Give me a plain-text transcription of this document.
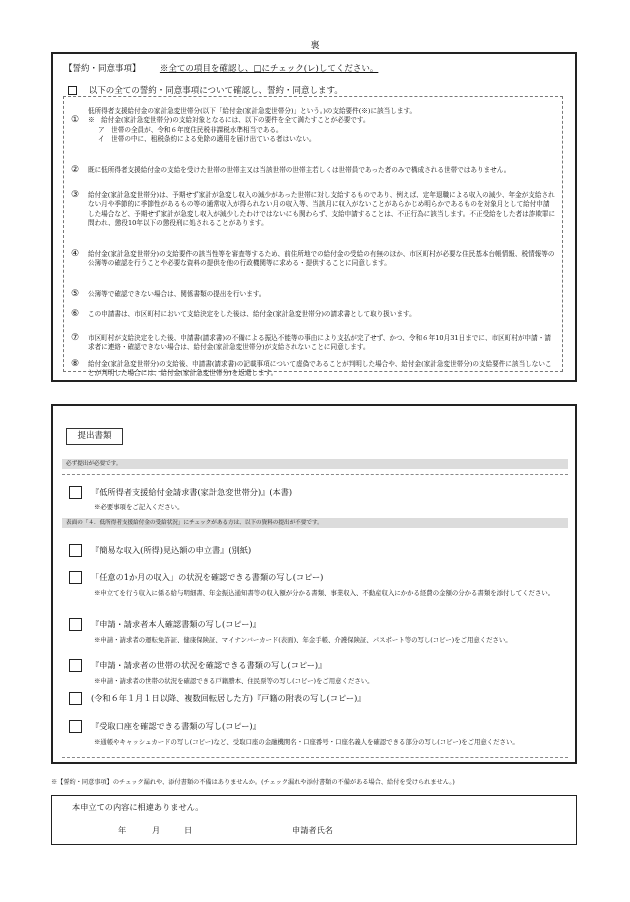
裏
【誓約・同意事項】 ※全ての項目を確認し、□にチェック(レ)してください。
以下の全ての誓約・同意事項について確認し、誓約・同意します。
①

低所得者支援給付金の家計急変世帯分(以下「給付金(家計急変世帯分)」という。)の支給要件(※)に該当します。

※　給付金(家計急変世帯分)の支給対象となるには、以下の要件を全て満たすことが必要です。

ア　世帯の全員が、令和６年度住民税非課税水準相当である。

イ　世帯の中に、租税条約による免除の適用を届け出ている者はいない。

②	既に低所得者支援給付金の支給を受けた世帯の世帯主又は当該世帯の世帯主若しくは世帯員であった者のみで構成される世帯ではありません。

③	給付金(家計急変世帯分)は、予期せず家計が急変し収入の減少があった世帯に対し支給するものであり、例えば、定年退職による収入の減少、年金が支給されない月や季節的に季節性があるもの等の通常収入が得られない月の収入等、当該月に収入がないことがあらかじめ明らかであるものを対象月として給付申請した場合など、予期せず家計が急変し収入が減少したわけではないにも関わらず、支給申請することは、不正行為に該当します。不正受給をした者は詐欺罪に問われ、懲役10年以下の懲役刑に処されることがあります。

④	給付金(家計急変世帯分)の支給要件の該当性等を審査等するため、前住所地での給付金の受給の有無のほか、市区町村が必要な住民基本台帳情報、税情報等の公簿等の確認を行うことや必要な資料の提供を他の行政機関等に求める・提供することに同意します。

⑤	公簿等で確認できない場合は、関係書類の提出を行います。

⑥	この申請書は、市区町村において支給決定をした後は、給付金(家計急変世帯分)の請求書として取り扱います。

⑦	市区町村が支給決定をした後、申請書(請求書)の不備による振込不能等の事由により支払が完了せず、かつ、令和６年10月31日までに、市区町村が申請・請求者に連絡・確認できない場合は、給付金(家計急変世帯分)が支給されないことに同意します。

⑧	給付金(家計急変世帯分)の支給後、申請書(請求書)の記載事項について虚偽であることが判明した場合や、給付金(家計急変世帯分)の支給要件に該当しないことが判明した場合には、給付金(家計急変世帯分)を返還します。

提出書類
必ず提出が必要です。
『低所得者支援給付金請求書(家計急変世帯分)』(本書)
※必要事項をご記入ください。
表面の「４．低所得者支援給付金の受給状況」にチェックがある方は、以下の資料の提出が不要です。
『簡易な収入(所得)見込額の申立書』(別紙)
「任意の1か月の収入」の状況を確認できる書類の写し(コピー)
※申立てを行う収入に係る給与明細書、年金振込通知書等の収入額が分かる書類、事業収入、不動産収入にかかる経費の金額の分かる書類を添付してください。
『申請・請求者本人確認書類の写し(コピー)』
※申請・請求者の運転免許証、健康保険証、マイナンバーカード(表面)、年金手帳、介護保険証、パスポート等の写し(コピー)をご用意ください。
『申請・請求者の世帯の状況を確認できる書類の写し(コピー)』
※申請・請求者の世帯の状況を確認できる戸籍謄本、住民票等の写し(コピー)をご用意ください。
(令和６年１月１日以降、複数回転居した方)『戸籍の附表の写し(コピー)』
『受取口座を確認できる書類の写し(コピー)』
※通帳やキャッシュカードの写し(コピー)など、受取口座の金融機関名・口座番号・口座名義人を確認できる部分の写し(コピー)をご用意ください。
※【誓約・同意事項】のチェック漏れや、添付書類の不備はありませんか。(チェック漏れや添付書類の不備がある場合、給付を受けられません。)
本申立ての内容に相違ありません。
年	月	日	申請者氏名
